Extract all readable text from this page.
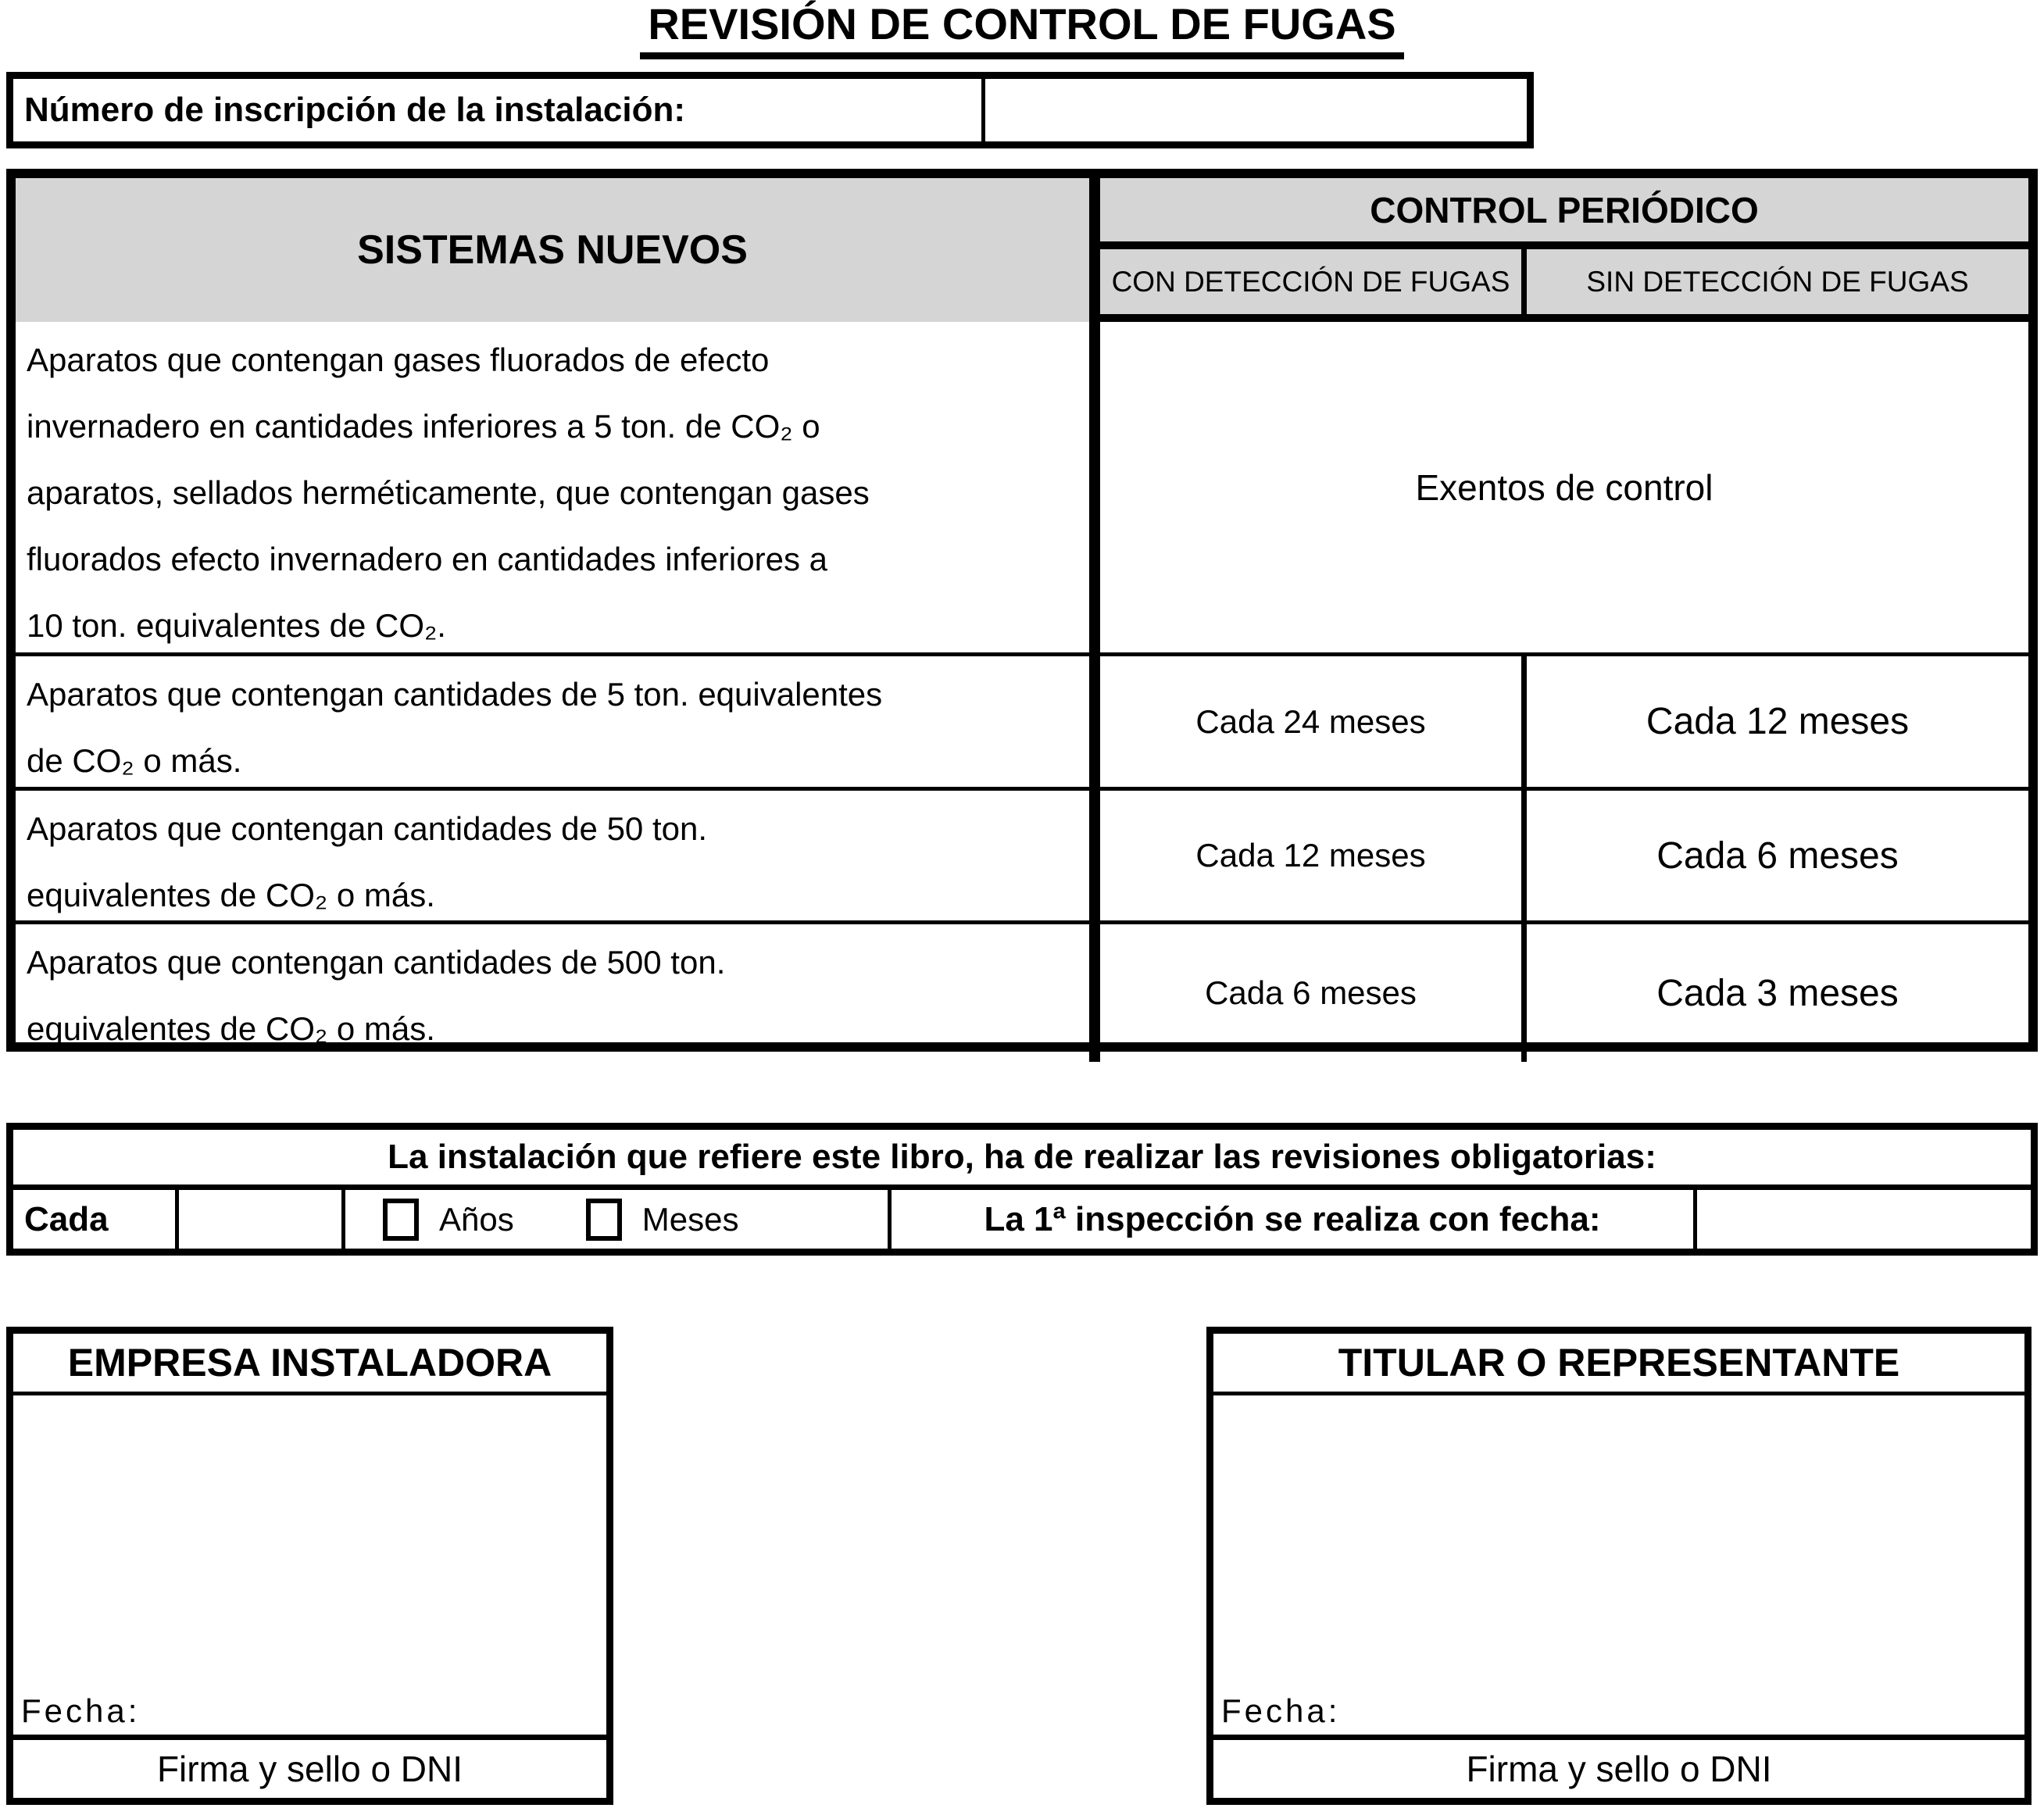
REVISIÓN DE CONTROL DE FUGAS
Número de inscripción de la instalación:
SISTEMAS NUEVOS
CONTROL PERIÓDICO
CON DETECCIÓN DE FUGAS	SIN DETECCIÓN DE FUGAS
Aparatos que contengan gases fluorados de efecto
invernadero en cantidades inferiores a 5 ton. de CO₂ o
aparatos, sellados herméticamente, que contengan gases
fluorados efecto invernadero en cantidades inferiores a
10 ton. equivalentes de CO₂.
Exentos de control
Aparatos que contengan cantidades de 5 ton. equivalentes
de CO₂ o más.
Cada 24 meses	Cada 12 meses
Aparatos que contengan cantidades de 50 ton.
equivalentes de CO₂ o más.
Cada 12 meses	Cada 6 meses
Aparatos que contengan cantidades de 500 ton.
equivalentes de CO₂ o más.
Cada 6 meses	Cada 3 meses
La instalación que refiere este libro, ha de realizar las revisiones obligatorias:
Cada	Años	Meses	La 1ª inspección se realiza con fecha:
EMPRESA INSTALADORA
Fecha:
Firma y sello o DNI
TITULAR O REPRESENTANTE
Fecha:
Firma y sello o DNI
